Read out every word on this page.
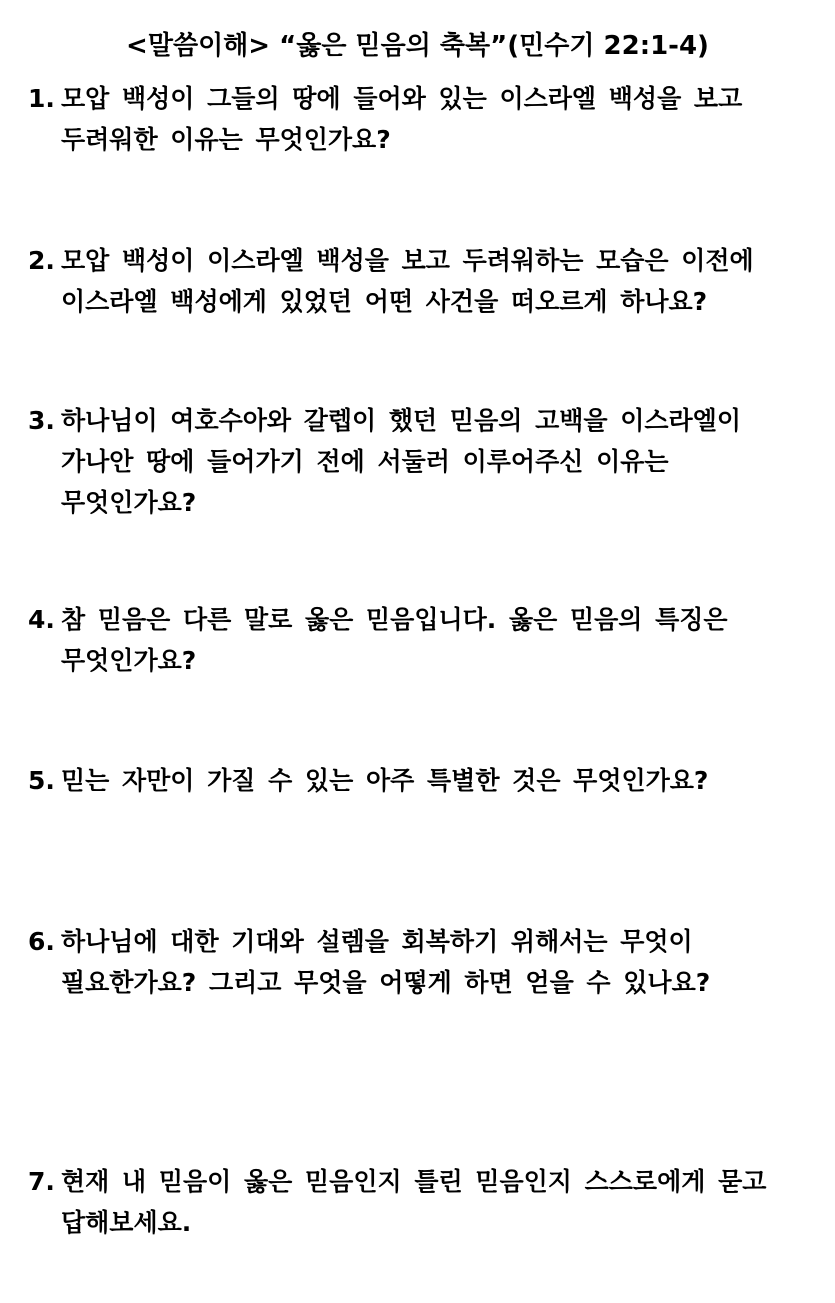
<말씀이해> “옳은 믿음의 축복”(민수기 22:1-4)
1. 모압 백성이 그들의 땅에 들어와 있는 이스라엘 백성을 보고
두려워한 이유는 무엇인가요?
2. 모압 백성이 이스라엘 백성을 보고 두려워하는 모습은 이전에
이스라엘 백성에게 있었던 어떤 사건을 떠오르게 하나요?
3. 하나님이 여호수아와 갈렙이 했던 믿음의 고백을 이스라엘이
가나안 땅에 들어가기 전에 서둘러 이루어주신 이유는
무엇인가요?
4. 참 믿음은 다른 말로 옳은 믿음입니다. 옳은 믿음의 특징은
무엇인가요?
5. 믿는 자만이 가질 수 있는 아주 특별한 것은 무엇인가요?
6. 하나님에 대한 기대와 설렘을 회복하기 위해서는 무엇이
필요한가요? 그리고 무엇을 어떻게 하면 얻을 수 있나요?
7. 현재 내 믿음이 옳은 믿음인지 틀린 믿음인지 스스로에게 묻고
답해보세요.
